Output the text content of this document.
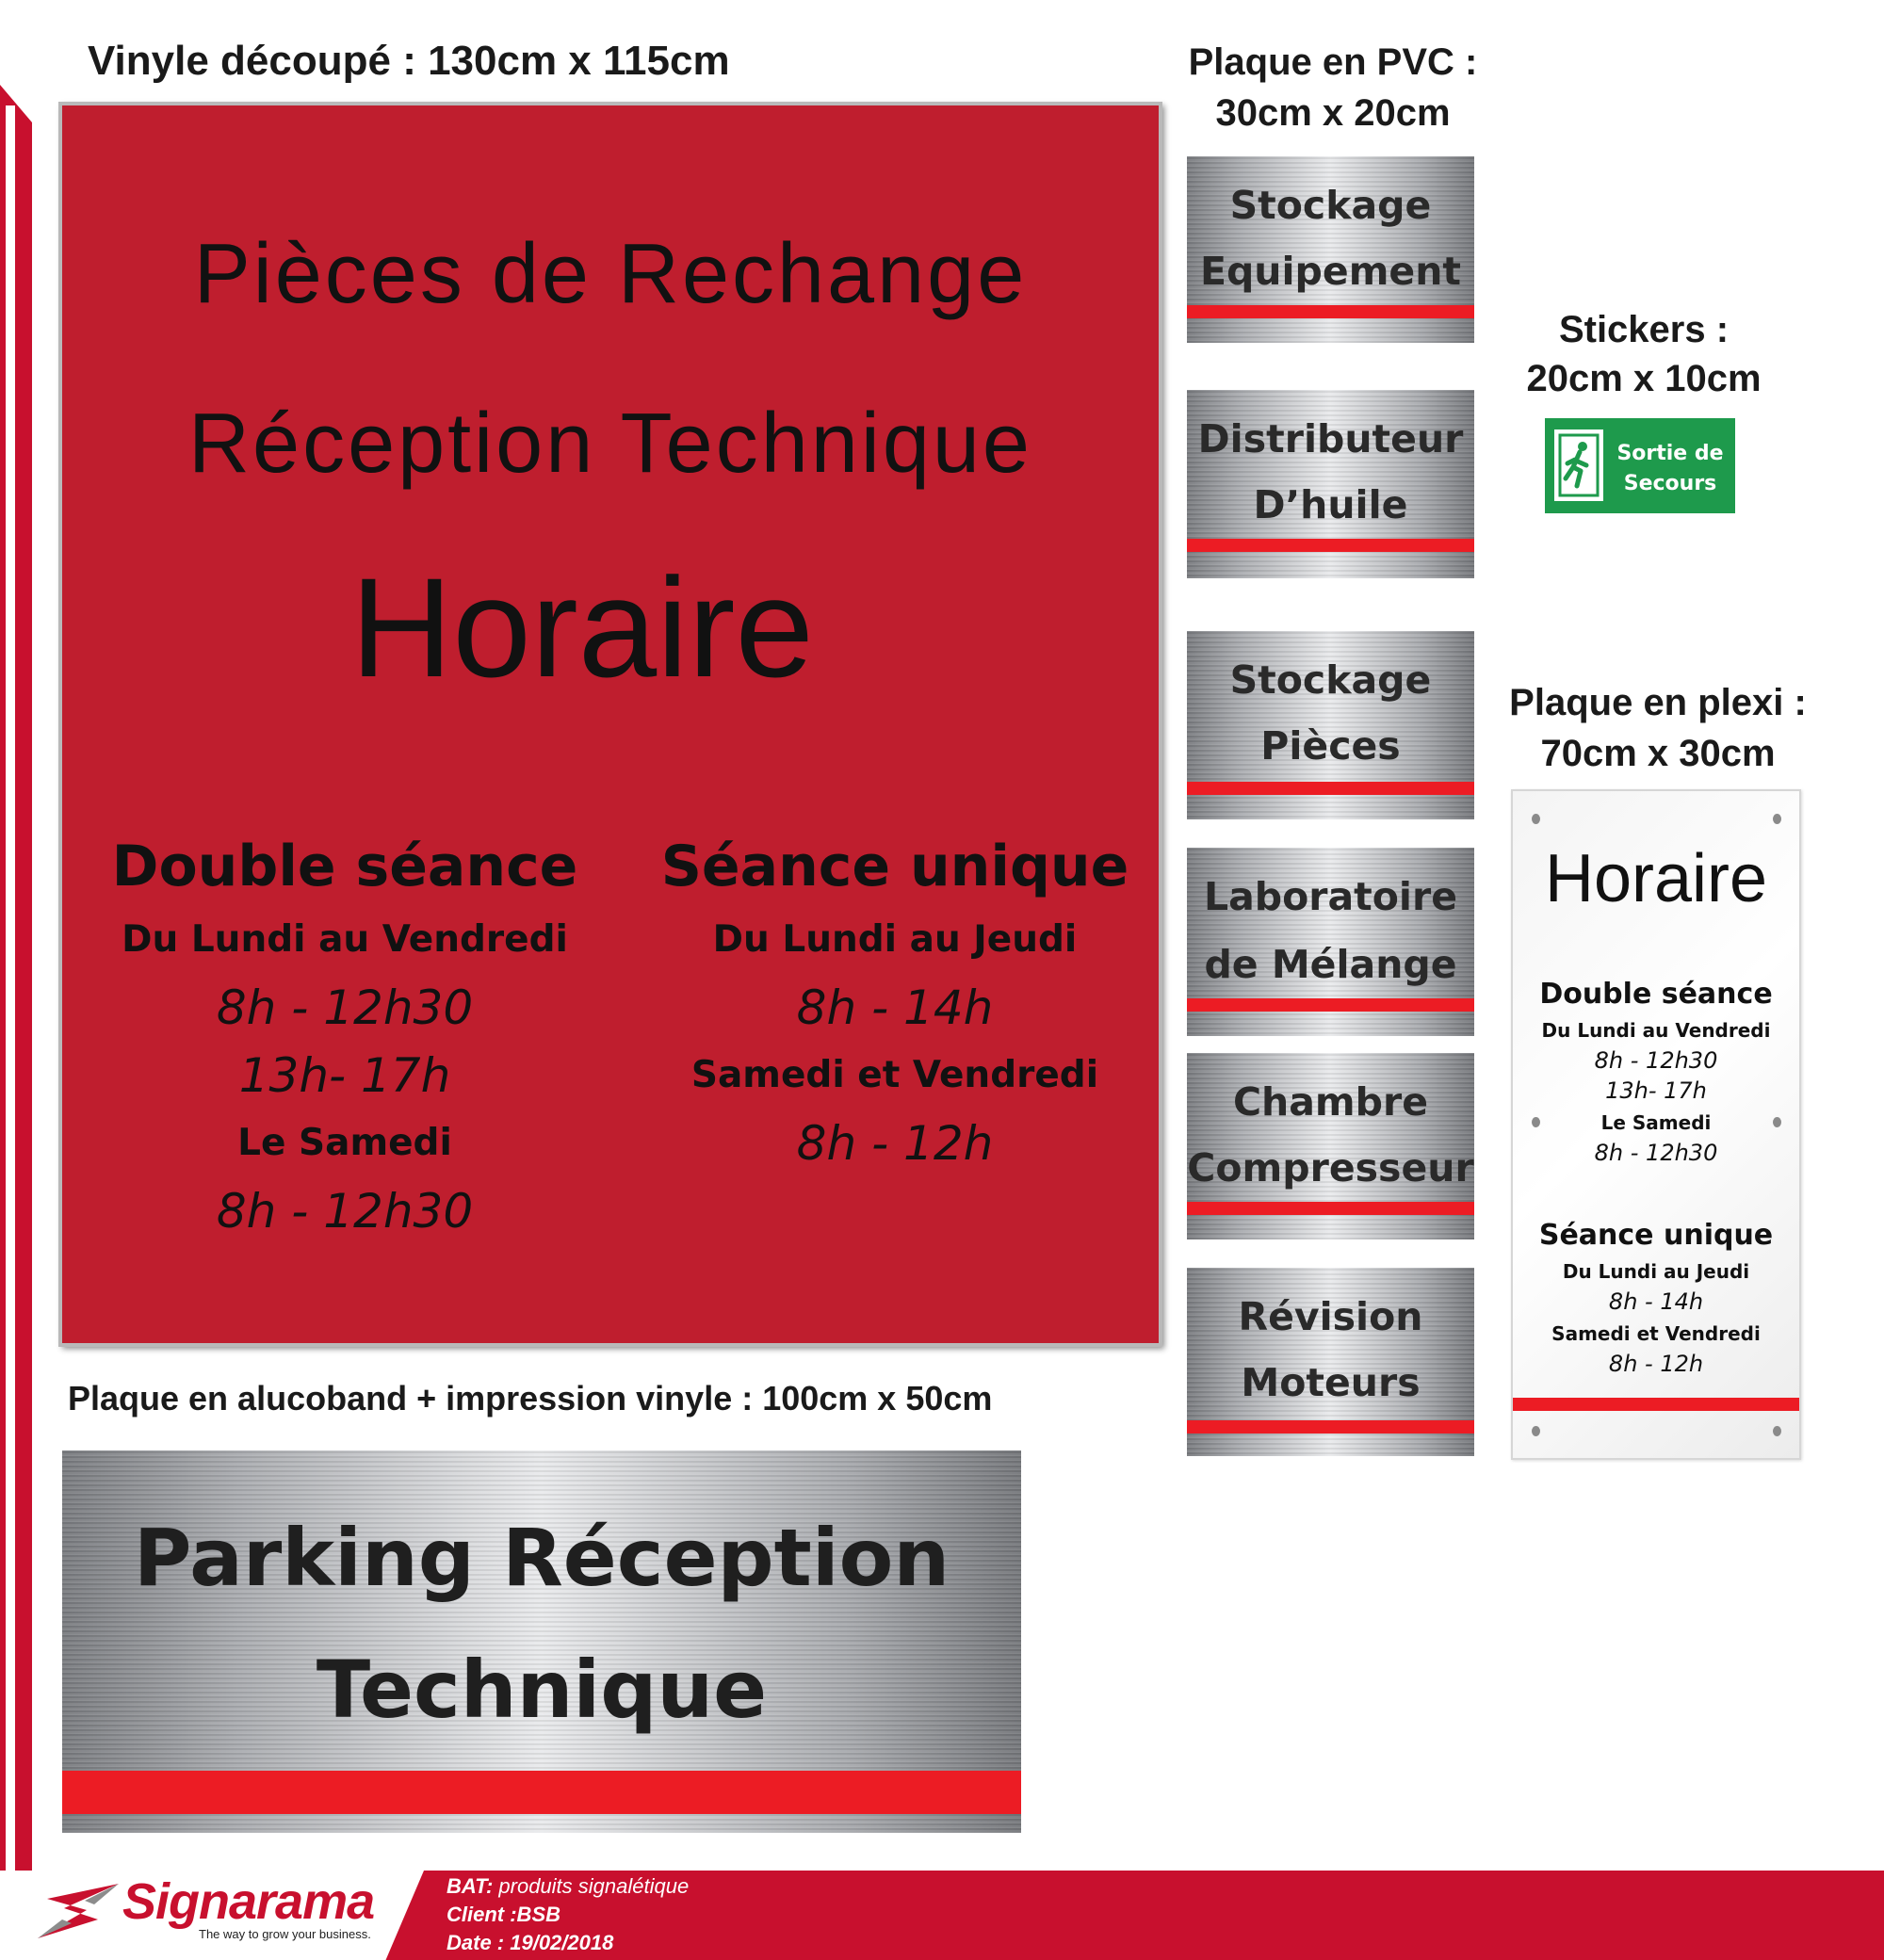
Vinyle découpé : 130cm x 115cm
Pièces de Rechange
Réception Technique
Horaire
Double séance
Du Lundi au Vendredi
8h - 12h30
13h- 17h
Le Samedi
8h - 12h30
Séance unique
Du Lundi au Jeudi
8h - 14h
Samedi et Vendredi
8h - 12h
Plaque en alucoband + impression vinyle : 100cm x 50cm
Parking Réception
Technique
Plaque en PVC :
30cm x 20cm
Stockage
Equipement
Distributeur
D’huile
Stockage
Pièces
Laboratoire
de Mélange
Chambre
Compresseur
Révision
Moteurs
Stickers :
20cm x 10cm
Sortie de
Secours
Plaque en plexi :
70cm x 30cm
Horaire
Double séance
Du Lundi au Vendredi
8h - 12h30
13h- 17h
Le Samedi
8h - 12h30
Séance unique
Du Lundi au Jeudi
8h - 14h
Samedi et Vendredi
8h - 12h
Signarama
The way to grow your business.
BAT: produits signalétique
Client :BSB
Date : 19/02/2018
